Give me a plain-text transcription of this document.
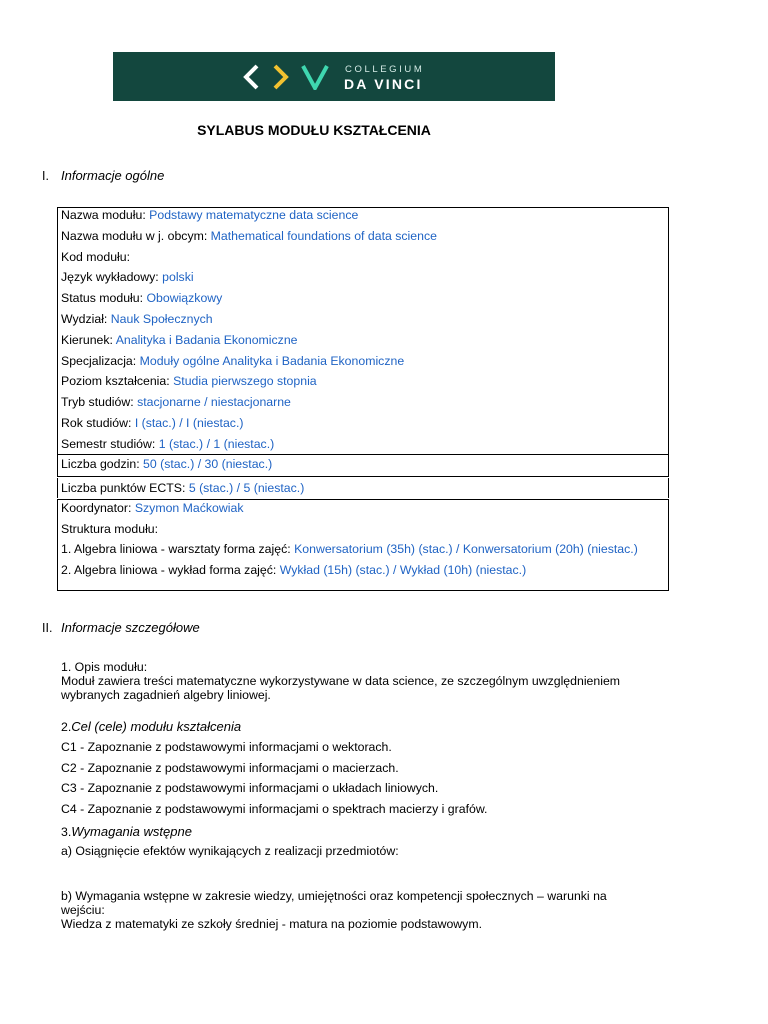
COLLEGIUM
DA VINCI
SYLABUS MODUŁU KSZTAŁCENIA
I. Informacje ogólne
Nazwa modułu: Podstawy matematyczne data science
Nazwa modułu w j. obcym: Mathematical foundations of data science
Kod modułu:
Język wykładowy: polski
Status modułu: Obowiązkowy
Wydział: Nauk Społecznych
Kierunek: Analityka i Badania Ekonomiczne
Specjalizacja: Moduły ogólne Analityka i Badania Ekonomiczne
Poziom kształcenia: Studia pierwszego stopnia
Tryb studiów: stacjonarne / niestacjonarne
Rok studiów: I (stac.) / I (niestac.)
Semestr studiów: 1 (stac.) / 1 (niestac.)
Liczba godzin: 50 (stac.) / 30 (niestac.)
Liczba punktów ECTS: 5 (stac.) / 5 (niestac.)
Koordynator: Szymon Maćkowiak
Struktura modułu:
1. Algebra liniowa - warsztaty forma zajęć: Konwersatorium (35h) (stac.) / Konwersatorium (20h) (niestac.)
2. Algebra liniowa - wykład forma zajęć: Wykład (15h) (stac.) / Wykład (10h) (niestac.)
II. Informacje szczegółowe
1. Opis modułu:
Moduł zawiera treści matematyczne wykorzystywane w data science, ze szczególnym uwzględnieniem
wybranych zagadnień algebry liniowej.
2.Cel (cele) modułu kształcenia
C1 - Zapoznanie z podstawowymi informacjami o wektorach.
C2 - Zapoznanie z podstawowymi informacjami o macierzach.
C3 - Zapoznanie z podstawowymi informacjami o układach liniowych.
C4 - Zapoznanie z podstawowymi informacjami o spektrach macierzy i grafów.
3.Wymagania wstępne
a) Osiągnięcie efektów wynikających z realizacji przedmiotów:
b) Wymagania wstępne w zakresie wiedzy, umiejętności oraz kompetencji społecznych – warunki na
wejściu:
Wiedza z matematyki ze szkoły średniej - matura na poziomie podstawowym.
